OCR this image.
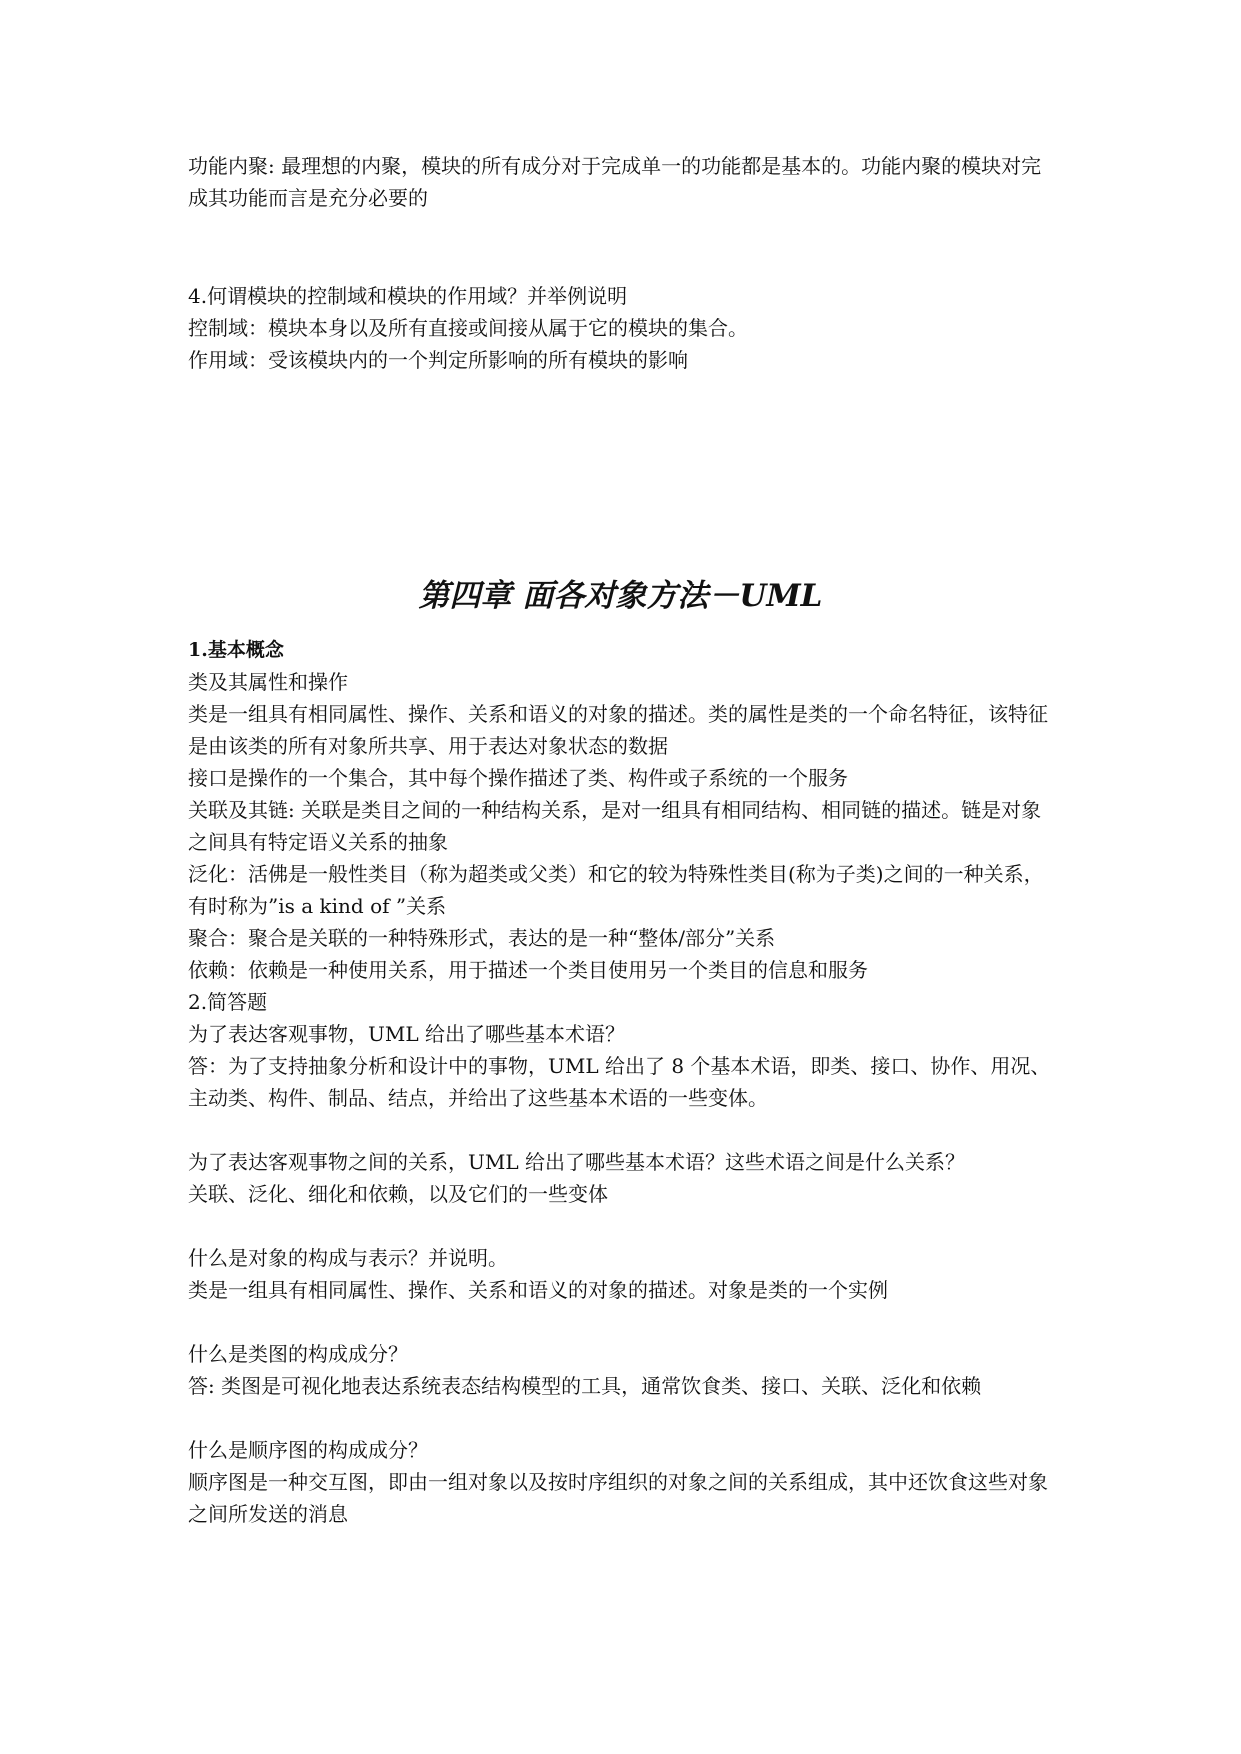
功能内聚: 最理想的内聚，模块的所有成分对于完成单一的功能都是基本的。功能内聚的模块对完成其功能而言是充分必要的
4.何谓模块的控制域和模块的作用域？并举例说明
控制域：模块本身以及所有直接或间接从属于它的模块的集合。
作用域：受该模块内的一个判定所影响的所有模块的影响
第四章 面各对象方法－UML
1.基本概念
类及其属性和操作
类是一组具有相同属性、操作、关系和语义的对象的描述。类的属性是类的一个命名特征，该特征是由该类的所有对象所共享、用于表达对象状态的数据
接口是操作的一个集合，其中每个操作描述了类、构件或子系统的一个服务
关联及其链: 关联是类目之间的一种结构关系，是对一组具有相同结构、相同链的描述。链是对象之间具有特定语义关系的抽象
泛化：活佛是一般性类目（称为超类或父类）和它的较为特殊性类目(称为子类)之间的一种关系，有时称为”is a kind of ”关系
聚合：聚合是关联的一种特殊形式，表达的是一种“整体/部分”关系
依赖：依赖是一种使用关系，用于描述一个类目使用另一个类目的信息和服务
2.简答题
为了表达客观事物，UML 给出了哪些基本术语？
答：为了支持抽象分析和设计中的事物，UML 给出了 8 个基本术语，即类、接口、协作、用况、主动类、构件、制品、结点，并给出了这些基本术语的一些变体。
为了表达客观事物之间的关系，UML 给出了哪些基本术语？这些术语之间是什么关系？
关联、泛化、细化和依赖，以及它们的一些变体
什么是对象的构成与表示？并说明。
类是一组具有相同属性、操作、关系和语义的对象的描述。对象是类的一个实例
什么是类图的构成成分？
答: 类图是可视化地表达系统表态结构模型的工具，通常饮食类、接口、关联、泛化和依赖
什么是顺序图的构成成分？
顺序图是一种交互图，即由一组对象以及按时序组织的对象之间的关系组成，其中还饮食这些对象之间所发送的消息
